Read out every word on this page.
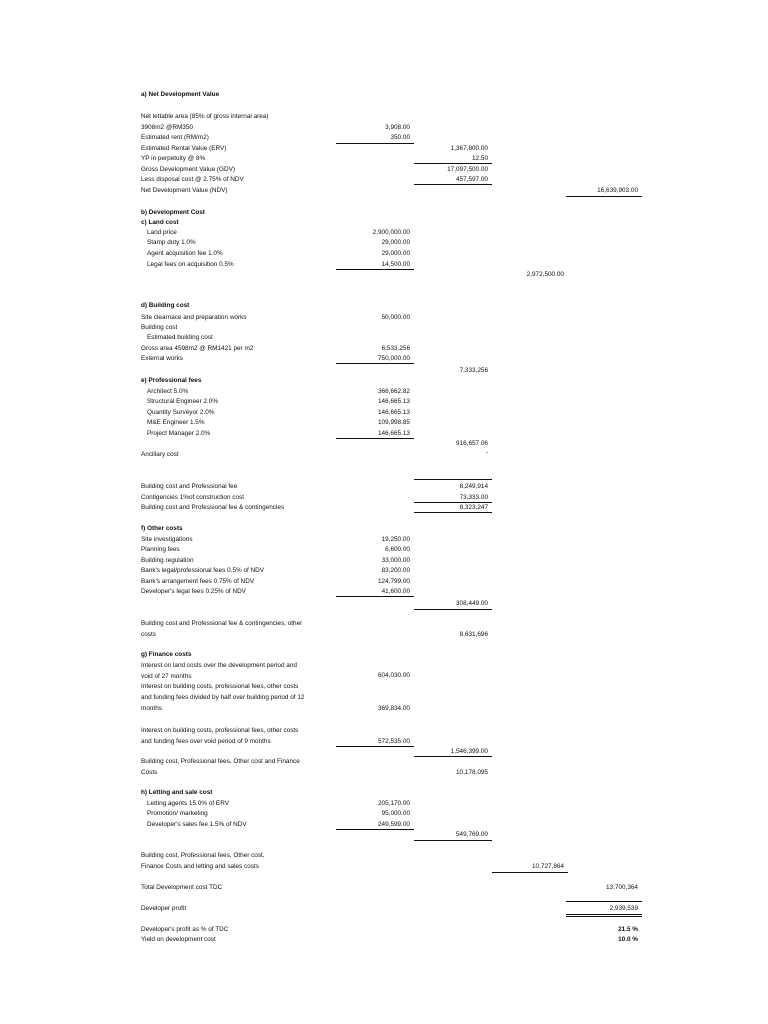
a) Net Development Value
Net lettable area (85% of gross internal area)
3908m2 @RM350	3,908.00
Estimated rent (RM/m2)	350.00
Estimated Rental Value (ERV)	1,367,800.00
YP in perpetuity @ 8%	12.50
Gross Development Value (GDV)	17,097,500.00
Less disposal cost @ 2.75% of NDV	457,597.00
Net Development Value (NDV)	16,639,903.00
b) Development Cost
c) Land cost
Land price	2,900,000.00
Stamp duty 1.0%	29,000.00
Agent acquisition fee 1.0%	29,000.00
Legal fees on acquisition 0.5%	14,500.00
2,972,500.00
d) Building cost
Site clearnace and preparation works	50,000.00
Building cost
Estimated building cost
Gross area 4598m2 @ RM1421 per m2	6,533,256
External works	750,000.00
7,333,256
e) Professional fees
Architect 5.0%	366,662.82
Structural Engineer 2.0%	146,665.13
Quantity Surveyor 2.0%	146,665.13
M&E Engineer 1.5%	109,998.85
Project Manager 2.0%	146,665.13
916,657.06
Ancillary cost	-
Building cost and Professional fee	8,249,914
Contigencies 1%of construction cost	73,333.00
Building cost and Professional fee & contingencies	8,323,247
f) Other costs
Site investigations	19,250.00
Planning fees	6,600.00
Building regulation	33,000.00
Bank's legal/professional fees 0.5% of NDV	83,200.00
Bank's arrangement fees 0.75% of NDV	124,799.00
Developer's legal fees 0.25% of NDV	41,600.00
308,449.00
Building cost and Professional fee & contingencies, other
costs	8,631,696
g) Finance costs
Interest on land costs over the development period and
void of 27 months	604,030.00
Interest on building costs, professional fees, other costs
and funding fees divided by half over building period of 12
months	369,834.00
Interest on building costs, professional fees, other costs
and funding fees over void period of 9 months	572,535.00
1,546,399.00
Building cost, Professional fees, Other cost and Finance
Costs	10,178,095
h) Letting and sale cost
Letting agents 15.0% of ERV	205,170.00
Promotion/ marketing	95,000.00
Developer's sales fee 1.5% of NDV	249,599.00
549,769.00
Building cost, Professional fees, Other cost,
Finance Costs and letting and sales costs	10,727,864
Total Development cost TDC	13,700,364
Developer profit	2,939,539
Developer's profit as % of TDC	21.5 %
Yield on development cost	10.0 %
